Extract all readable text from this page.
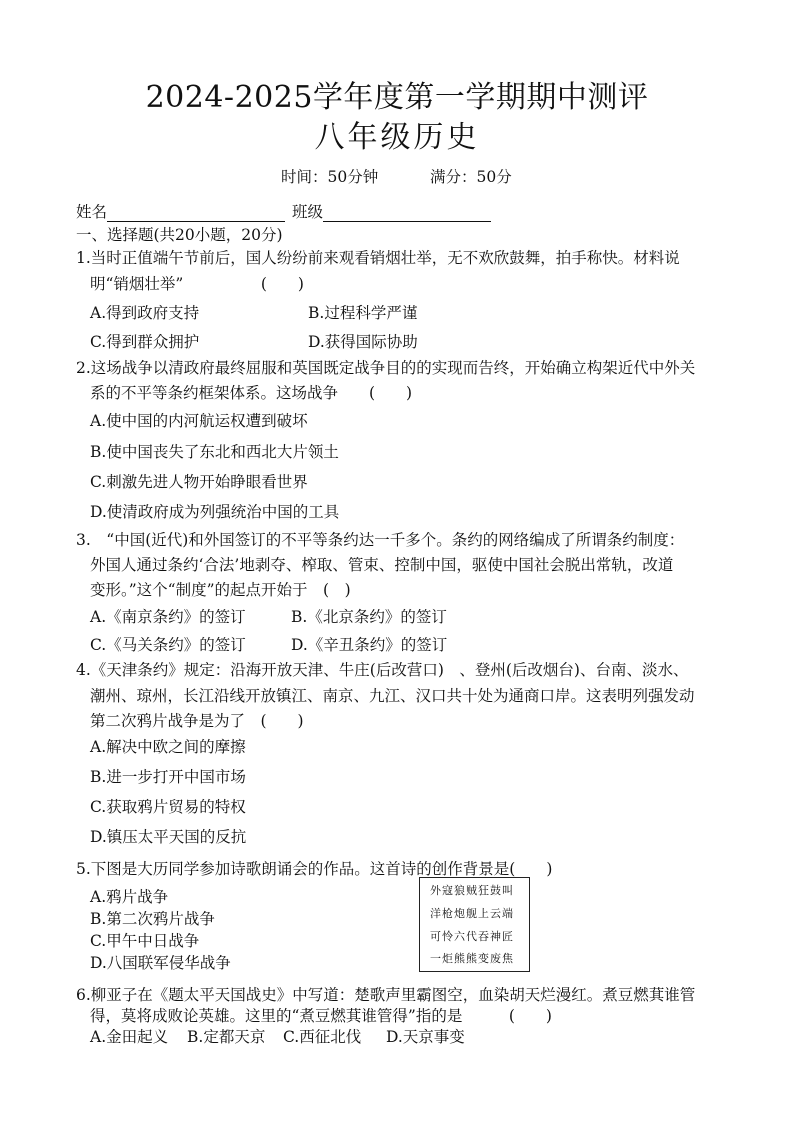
2024-2025学年度第一学期期中测评
八年级历史
时间：50分钟	满分：50分
姓名	班级
一、选择题(共20小题，20分)
1.当时正值端午节前后，国人纷纷前来观看销烟壮举，无不欢欣鼓舞，拍手称快。材料说
明“销烟壮举”　　　　　(　　)
A.得到政府支持	B.过程科学严谨
C.得到群众拥护	D.获得国际协助
2.这场战争以清政府最终屈服和英国既定战争目的的实现而告终，开始确立构架近代中外关
系的不平等条约框架体系。这场战争　　(　　)
A.使中国的内河航运权遭到破坏
B.使中国丧失了东北和西北大片领土
C.刺激先进人物开始睁眼看世界
D.使清政府成为列强统治中国的工具
3.　“中国(近代)和外国签订的不平等条约达一千多个。条约的网络编成了所谓条约制度：
外国人通过条约‘合法’地剥夺、榨取、管束、控制中国，驱使中国社会脱出常轨，改道
变形。”这个“制度”的起点开始于　(　)
A.《南京条约》的签订	B.《北京条约》的签订
C.《马关条约》的签订	D.《辛丑条约》的签订
4.《天津条约》规定：沿海开放天津、牛庄(后改营口)　、登州(后改烟台)、台南、淡水、
潮州、琼州，长江沿线开放镇江、南京、九江、汉口共十处为通商口岸。这表明列强发动
第二次鸦片战争是为了　(　　)
A.解决中欧之间的摩擦
B.进一步打开中国市场
C.获取鸦片贸易的特权
D.镇压太平天国的反抗
5.下图是大历同学参加诗歌朗诵会的作品。这首诗的创作背景是(　　)
A.鸦片战争
B.第二次鸦片战争
C.甲午中日战争
D.八国联军侵华战争
外寇狼贼狂鼓叫
洋枪炮舰上云端
可怜六代吞神匠
一炬熊熊变废焦
6.柳亚子在《题太平天国战史》中写道：楚歌声里霸图空，血染胡天烂漫红。煮豆燃萁谁管
得，莫将成败论英雄。这里的“煮豆燃萁谁管得”指的是　　　(　　)
A.金田起义 B.定都天京 C.西征北伐 D.天京事变
